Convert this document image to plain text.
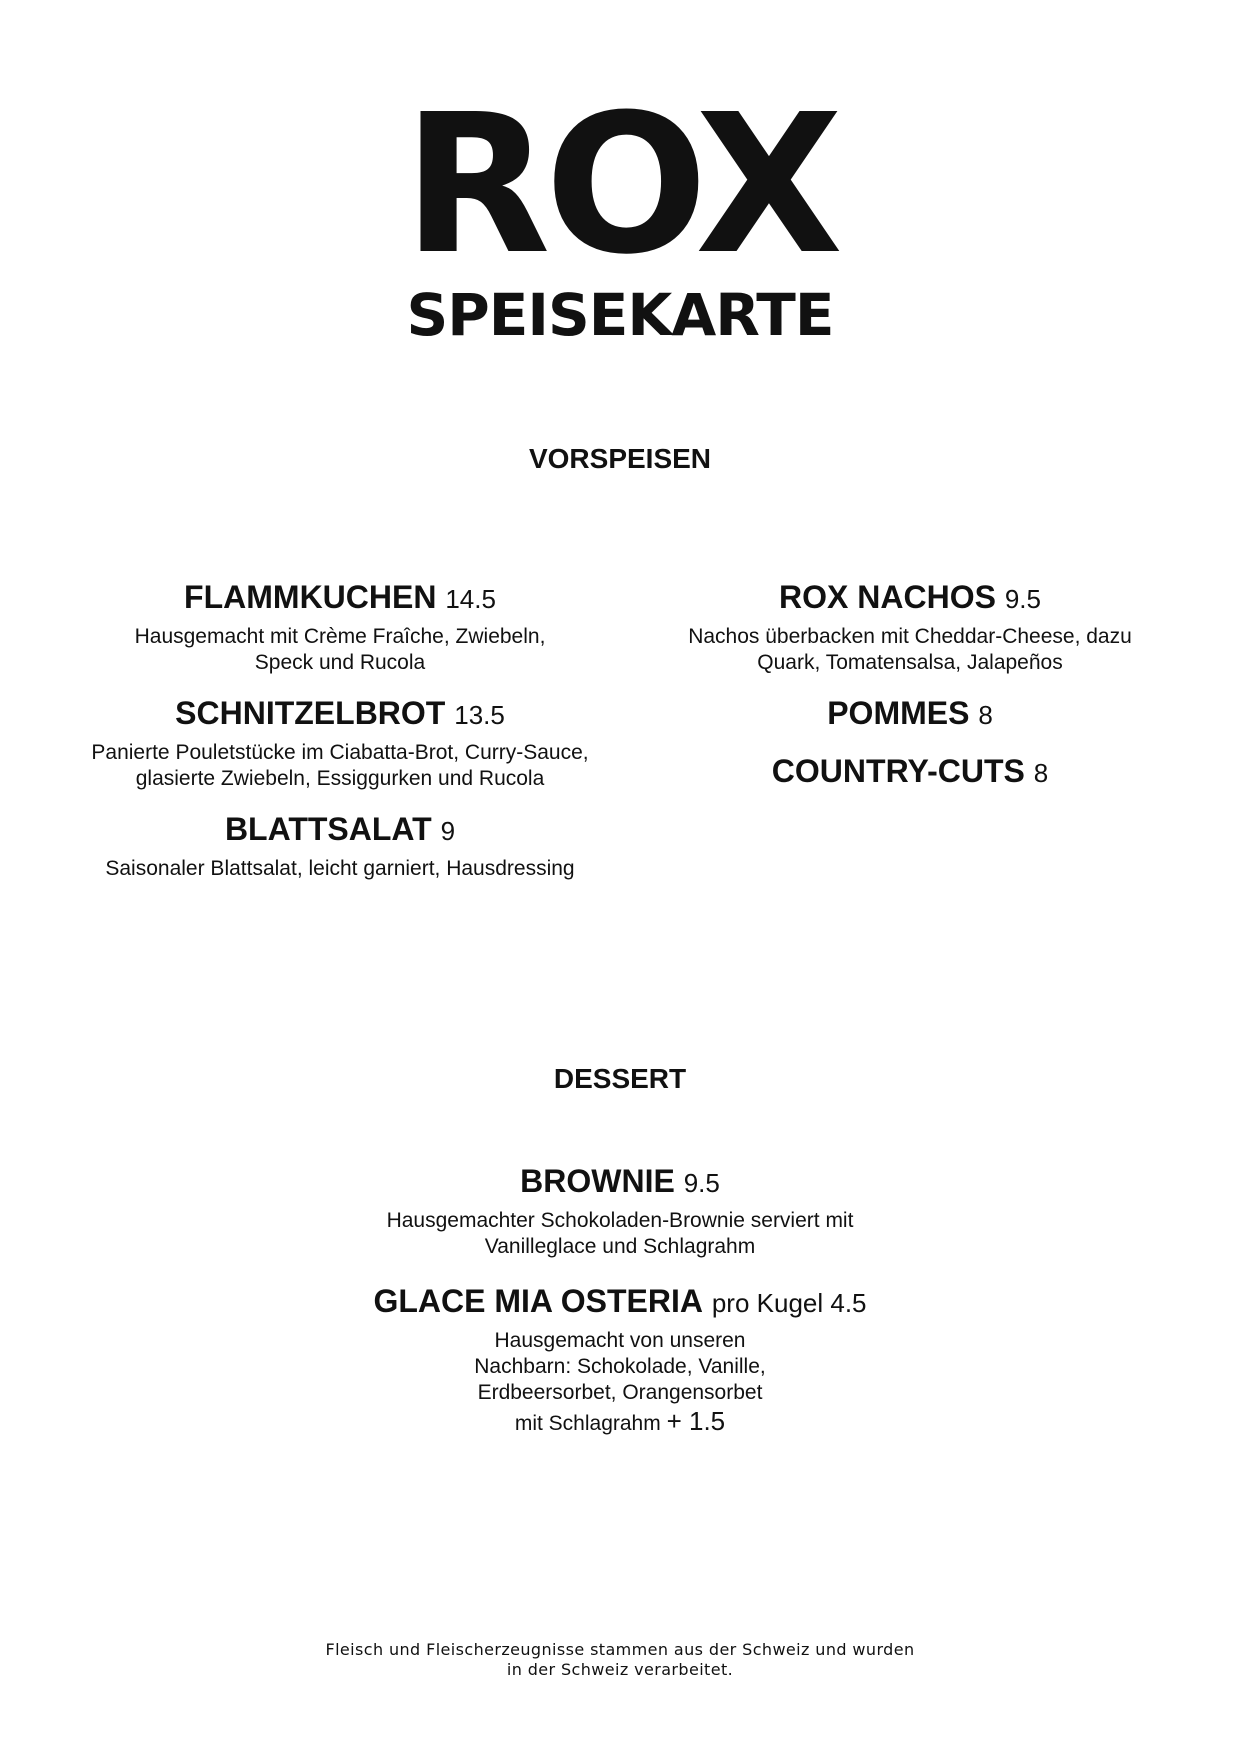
ROX
SPEISEKARTE
VORSPEISEN
FLAMMKUCHEN 14.5
Hausgemacht mit Crème Fraîche, Zwiebeln, Speck und Rucola
SCHNITZELBROT 13.5
Panierte Pouletstücke im Ciabatta-Brot, Curry-Sauce, glasierte Zwiebeln, Essiggurken und Rucola
BLATTSALAT 9
Saisonaler Blattsalat, leicht garniert, Hausdressing
ROX NACHOS 9.5
Nachos überbacken mit Cheddar-Cheese, dazu Quark, Tomatensalsa, Jalapeños
POMMES 8
COUNTRY-CUTS 8
DESSERT
BROWNIE 9.5
Hausgemachter Schokoladen-Brownie serviert mit Vanilleglace und Schlagrahm
GLACE MIA OSTERIA pro Kugel 4.5
Hausgemacht von unseren Nachbarn: Schokolade, Vanille, Erdbeersorbet, Orangensorbet
mit Schlagrahm + 1.5
Fleisch und Fleischerzeugnisse stammen aus der Schweiz und wurden in der Schweiz verarbeitet.
